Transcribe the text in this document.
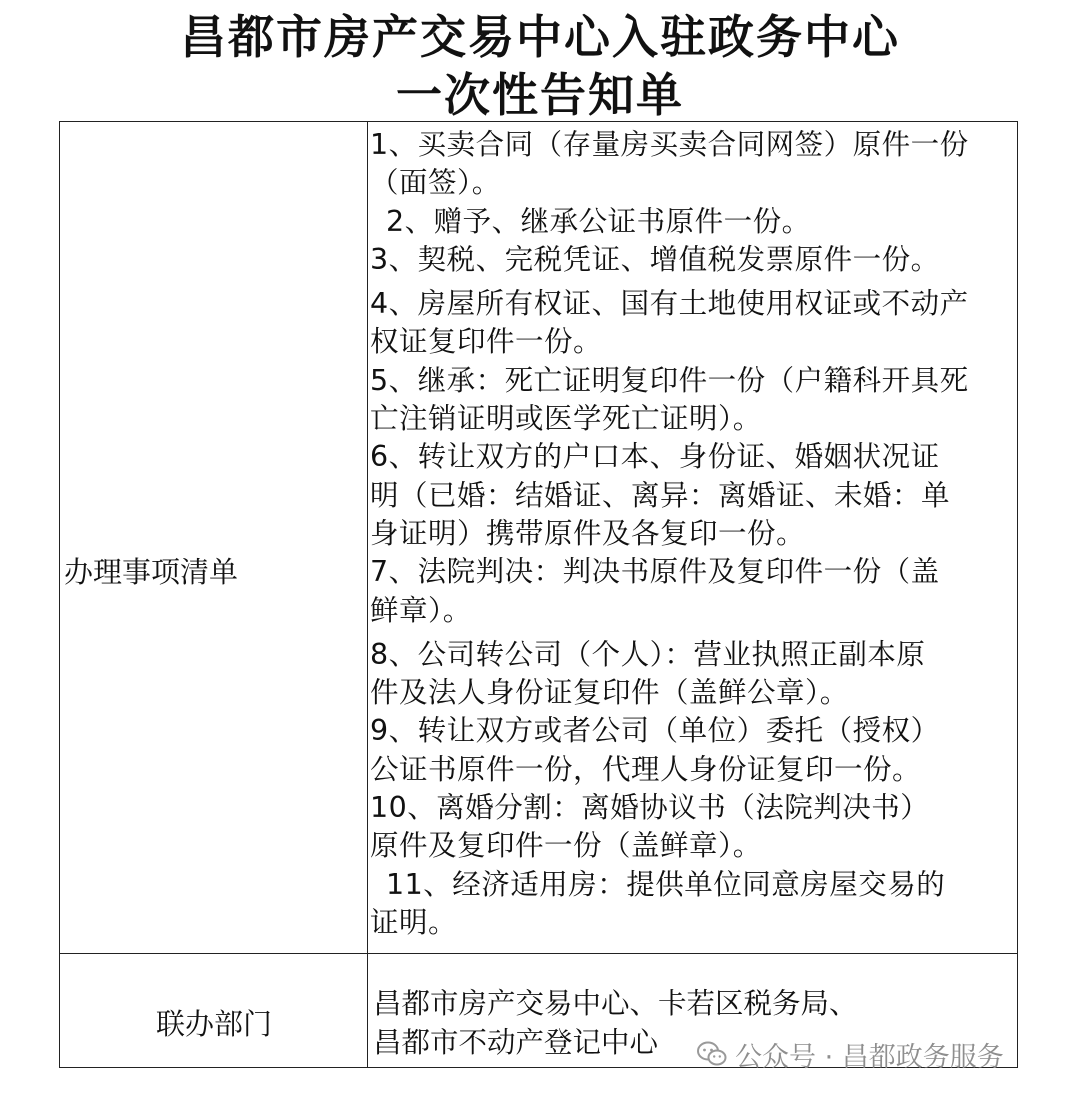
昌都市房产交易中心入驻政务中心
一次性告知单
办理事项清单

1、买卖合同（存量房买卖合同网签）原件一份

（面签）。

2、赠予、继承公证书原件一份。

3、契税、完税凭证、增值税发票原件一份。

4、房屋所有权证、国有土地使用权证或不动产

权证复印件一份。

5、继承：死亡证明复印件一份（户籍科开具死

亡注销证明或医学死亡证明）。

6、转让双方的户口本、身份证、婚姻状况证

明（已婚：结婚证、离异：离婚证、未婚：单

身证明）携带原件及各复印一份。

7、法院判决：判决书原件及复印件一份（盖

鲜章）。

8、公司转公司（个人）：营业执照正副本原

件及法人身份证复印件（盖鲜公章）。

9、转让双方或者公司（单位）委托（授权）

公证书原件一份，代理人身份证复印一份。

10、离婚分割：离婚协议书（法院判决书）

原件及复印件一份（盖鲜章）。

11、经济适用房：提供单位同意房屋交易的

证明。

联办部门
昌都市房产交易中心、卡若区税务局、
昌都市不动产登记中心	公众号 · 昌都政务服务
